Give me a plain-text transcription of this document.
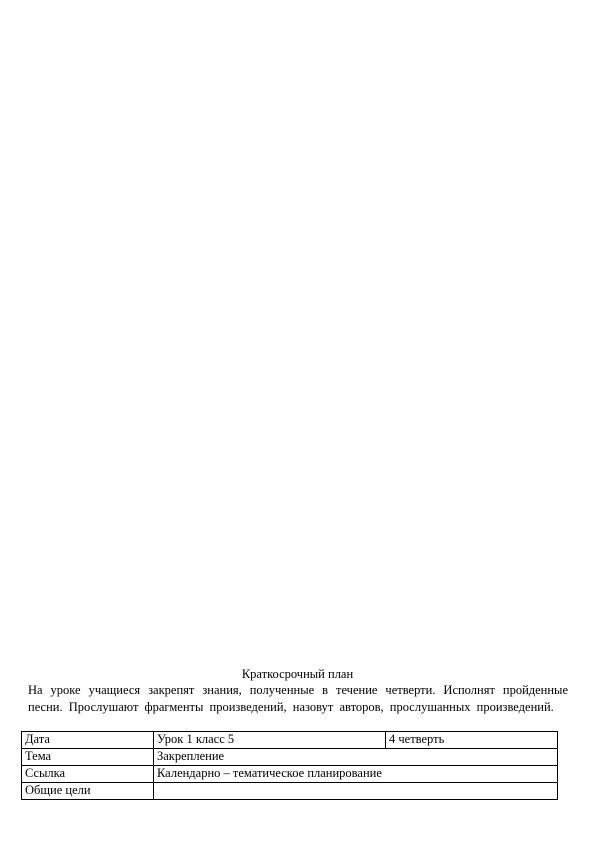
Краткосрочный план
На уроке учащиеся закрепят знания, полученные в течение четверти. Исполнят пройденные песни. Прослушают фрагменты произведений, назовут авторов, прослушанных произведений.
Дата	Урок 1 класс 5	4 четверть
Тема	Закрепление	
Ссылка	Календарно – тематическое планирование	
Общие цели		
